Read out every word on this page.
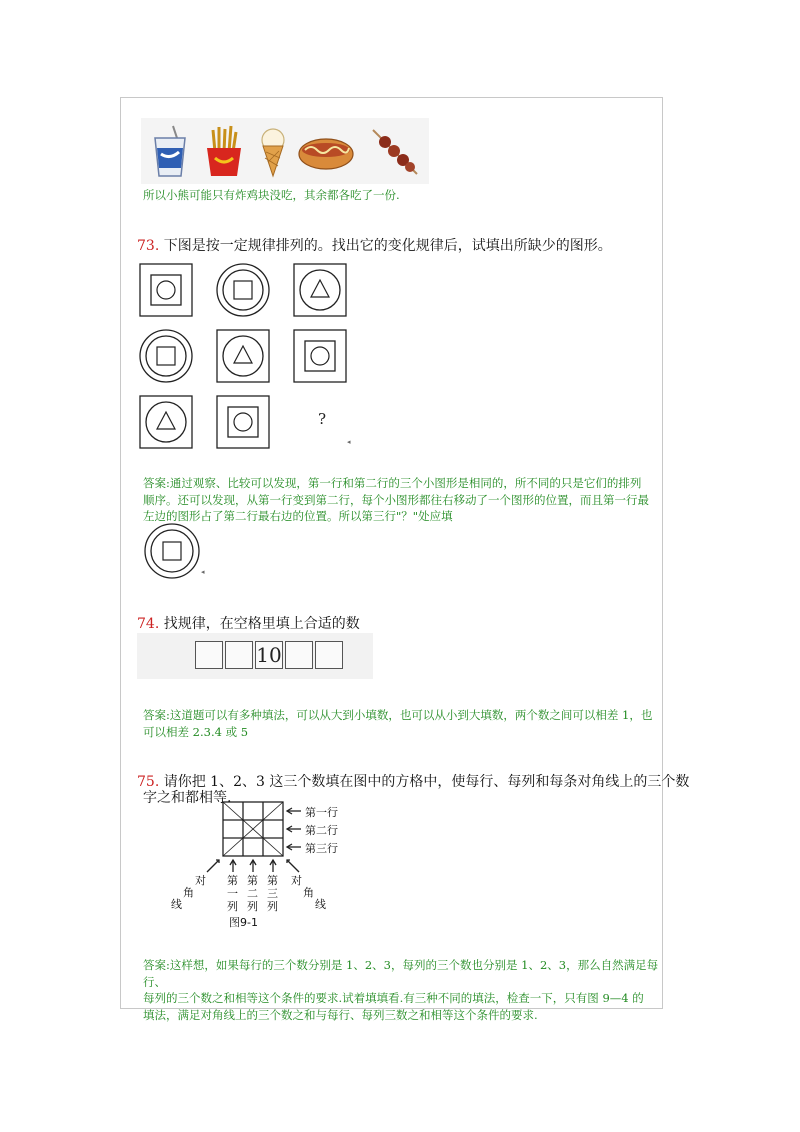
所以小熊可能只有炸鸡块没吃，其余都各吃了一份.
73. 下图是按一定规律排列的。找出它的变化规律后，试填出所缺少的图形。
?
◂
答案:通过观察、比较可以发现，第一行和第二行的三个小图形是相同的，所不同的只是它们的排列
顺序。还可以发现，从第一行变到第二行，每个小图形都往右移动了一个图形的位置，而且第一行最
左边的图形占了第二行最右边的位置。所以第三行"？"处应填
◂
74. 找规律，在空格里填上合适的数
10
答案:这道题可以有多种填法，可以从大到小填数，也可以从小到大填数，两个数之间可以相差 1，也
可以相差 2.3.4 或 5
75. 请你把 1、2、3 这三个数填在图中的方格中，使每行、每列和每条对角线上的三个数
字之和都相等.
第一行
第二行
第三行
第一列
第二列
第三列
对
角
线
对
角
线
图9-1
答案:这样想，如果每行的三个数分别是 1、2、3，每列的三个数也分别是 1、2、3，那么自然满足每行、
每列的三个数之和相等这个条件的要求.试着填填看.有三种不同的填法，检查一下，只有图 9—4 的
填法，满足对角线上的三个数之和与每行、每列三数之和相等这个条件的要求.
